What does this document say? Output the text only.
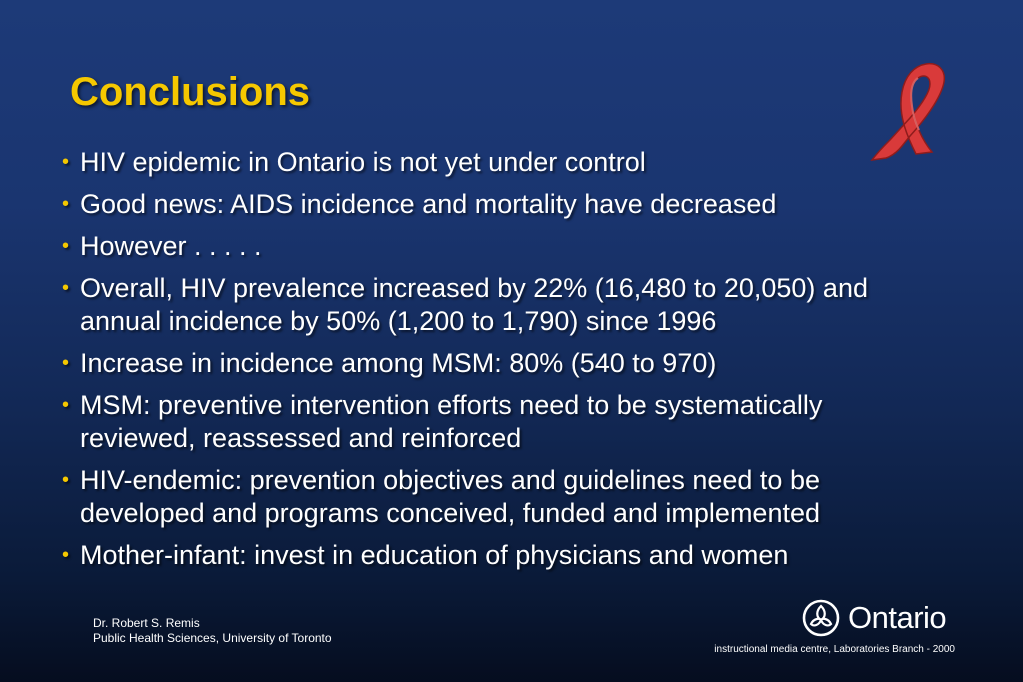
Conclusions
• HIV epidemic in Ontario is not yet under control
• Good news: AIDS incidence and mortality have decreased
• However . . . . .
• Overall, HIV prevalence increased by 22% (16,480 to 20,050) and annual incidence by 50% (1,200 to 1,790) since 1996
• Increase in incidence among MSM: 80% (540 to 970)
• MSM: preventive intervention efforts need to be systematically reviewed, reassessed and reinforced
• HIV-endemic: prevention objectives and guidelines need to be developed and programs conceived, funded and implemented
• Mother-infant: invest in education of physicians and women
Dr. Robert S. Remis
Public Health Sciences, University of Toronto
Ontario
instructional media centre, Laboratories Branch - 2000
